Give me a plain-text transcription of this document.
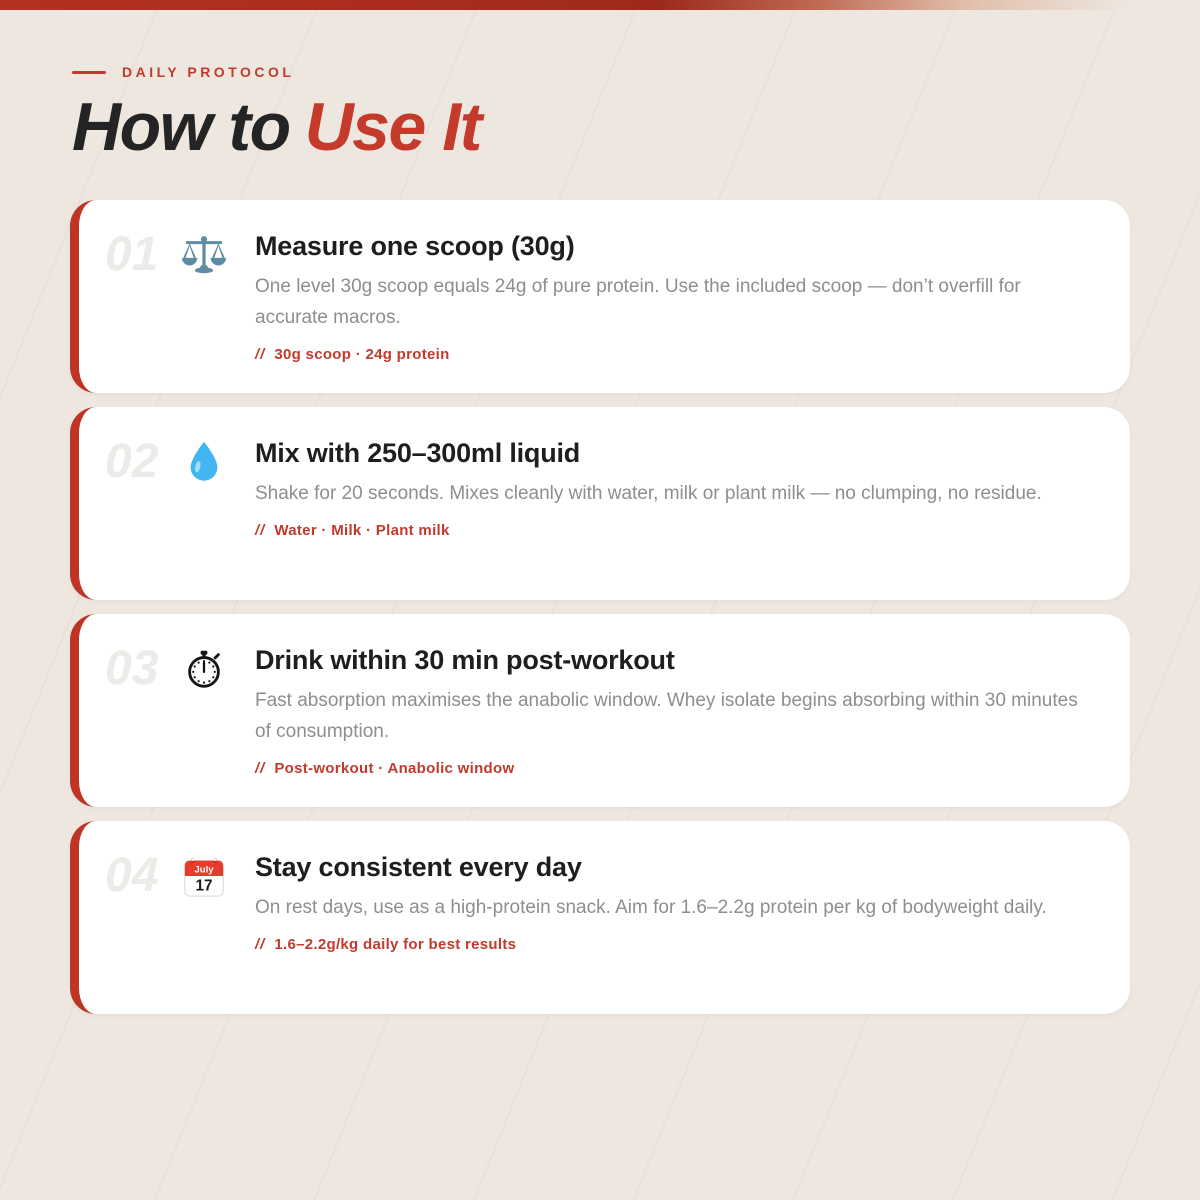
DAILY PROTOCOL
How to Use It
01	Measure one scoop (30g)
One level 30g scoop equals 24g of pure protein. Use the included scoop — don’t overfill for accurate macros.
// 30g scoop · 24g protein
02	Mix with 250–300ml liquid
Shake for 20 seconds. Mixes cleanly with water, milk or plant milk — no clumping, no residue.
// Water · Milk · Plant milk
03	Drink within 30 min post-workout
Fast absorption maximises the anabolic window. Whey isolate begins absorbing within 30 minutes of consumption.
// Post-workout · Anabolic window
04	July
17
Stay consistent every day
On rest days, use as a high-protein snack. Aim for 1.6–2.2g protein per kg of bodyweight daily.
// 1.6–2.2g/kg daily for best results
